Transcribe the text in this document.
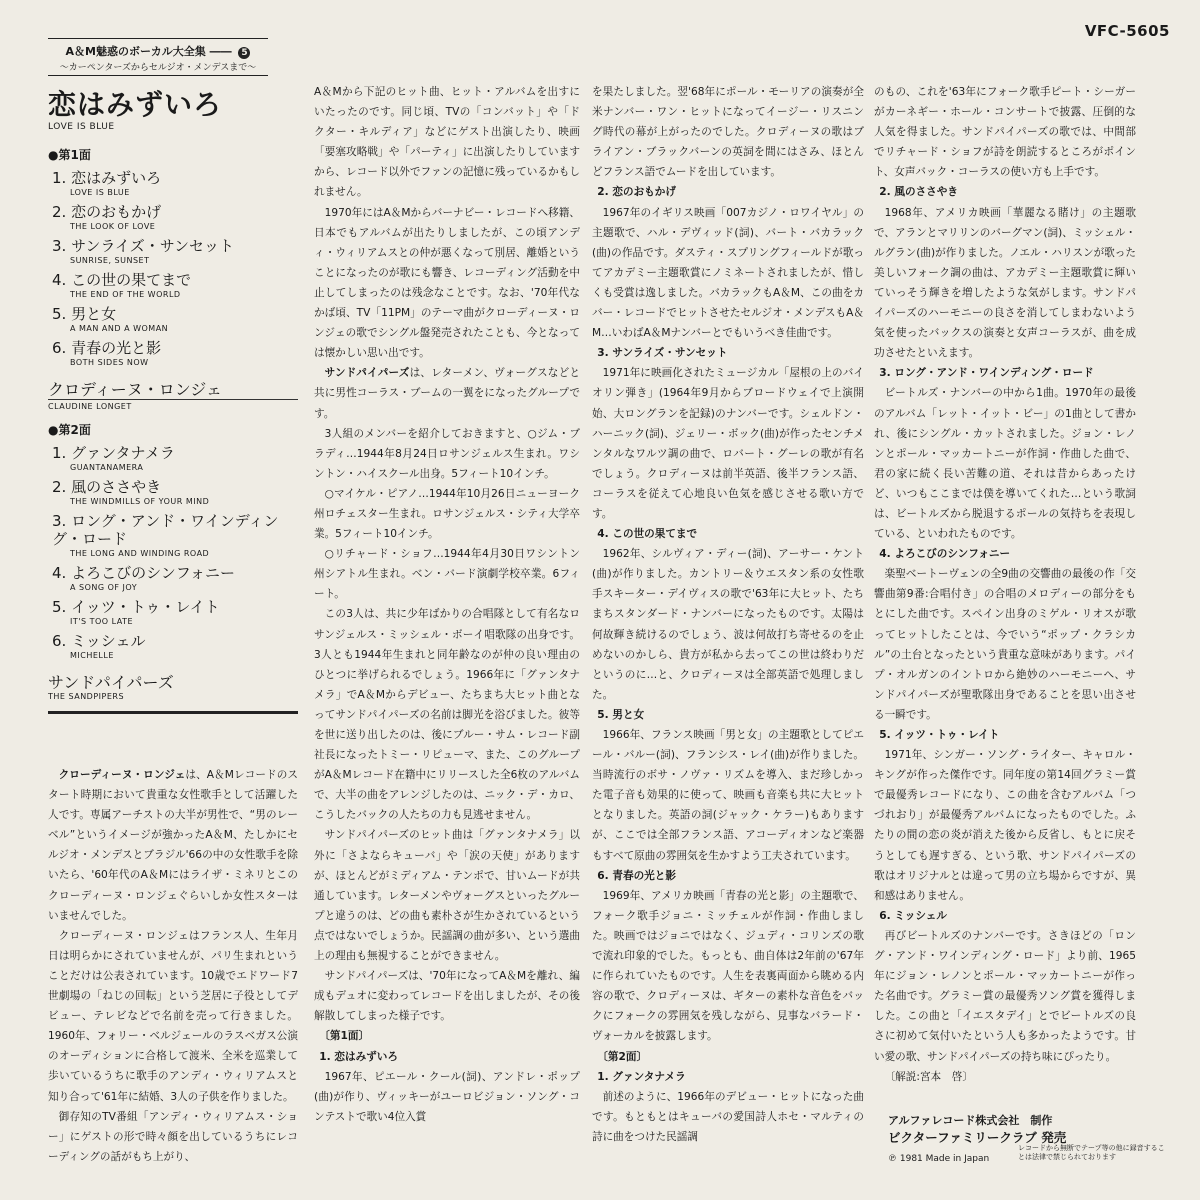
VFC-5605
A＆M魅惑のボーカル大全集 ―― 5
〜カーペンターズからセルジオ・メンデスまで〜
恋はみずいろ
LOVE IS BLUE
●第1面
1. 恋はみずいろ
LOVE IS BLUE
2. 恋のおもかげ
THE LOOK OF LOVE
3. サンライズ・サンセット
SUNRISE, SUNSET
4. この世の果てまで
THE END OF THE WORLD
5. 男と女
A MAN AND A WOMAN
6. 青春の光と影
BOTH SIDES NOW
クロディーヌ・ロンジェ
CLAUDINE LONGET
●第2面
1. グァンタナメラ
GUANTANAMERA
2. 風のささやき
THE WINDMILLS OF YOUR MIND
3. ロング・アンド・ワインディング・ロード
THE LONG AND WINDING ROAD
4. よろこびのシンフォニー
A SONG OF JOY
5. イッツ・トゥ・レイト
IT'S TOO LATE
6. ミッシェル
MICHELLE
サンドパイパーズ
THE SANDPIPERS

クローディーヌ・ロンジェは、A＆Mレコードのスタート時期において貴重な女性歌手として活躍した人です。専属アーチストの大半が男性で、“男のレーベル”というイメージが強かったA＆M、たしかにセルジオ・メンデスとブラジル'66の中の女性歌手を除いたら、'60年代のA＆Mにはライザ・ミネリとこのクローディーヌ・ロンジェぐらいしか女性スターはいませんでした。

クローディーヌ・ロンジェはフランス人、生年月日は明らかにされていませんが、パリ生まれということだけは公表されています。10歳でエドワード7世劇場の「ねじの回転」という芝居に子役としてデビュー、テレビなどで名前を売って行きました。1960年、フォリー・ベルジェールのラスベガス公演のオーディションに合格して渡米、全米を巡業して歩いているうちに歌手のアンディ・ウィリアムスと知り合って'61年に結婚、3人の子供を作りました。

御存知のTV番組「アンディ・ウィリアムス・ショー」にゲストの形で時々顔を出しているうちにレコーディングの話がもち上がり、

A＆Mから下記のヒット曲、ヒット・アルバムを出すにいたったのです。同じ頃、TVの「コンバット」や「ドクター・キルディア」などにゲスト出演したり、映画「要塞攻略戦」や「パーティ」に出演したりしていますから、レコード以外でファンの記憶に残っているかもしれません。

1970年にはA＆Mからバーナビー・レコードへ移籍、日本でもアルバムが出たりしましたが、この頃アンディ・ウィリアムスとの仲が悪くなって別居、離婚ということになったのが歌にも響き、レコーディング活動を中止してしまったのは残念なことです。なお、'70年代なかば頃、TV「11PM」のテーマ曲がクローディーヌ・ロンジェの歌でシングル盤発売されたことも、今となっては懐かしい思い出です。

サンドパイパーズは、レターメン、ヴォーグスなどと共に男性コーラス・ブームの一翼をになったグループです。

3人組のメンバーを紹介しておきますと、○ジム・ブラディ…1944年8月24日ロサンジェルス生まれ。ワシントン・ハイスクール出身。5フィート10インチ。

○マイケル・ピアノ…1944年10月26日ニューヨーク州ロチェスター生まれ。ロサンジェルス・シティ大学卒業。5フィート10インチ。

○リチャード・ショフ…1944年4月30日ワシントン州シアトル生まれ。ベン・バード演劇学校卒業。6フィート。

この3人は、共に少年ばかりの合唱隊として有名なロサンジェルス・ミッシェル・ボーイ唱歌隊の出身です。3人とも1944年生まれと同年齢なのが仲の良い理由のひとつに挙げられるでしょう。1966年に「グァンタナメラ」でA＆Mからデビュー、たちまち大ヒット曲となってサンドパイパーズの名前は脚光を浴びました。彼等を世に送り出したのは、後にブルー・サム・レコード副社長になったトミー・リピューマ、また、このグループがA＆Mレコード在籍中にリリースした全6枚のアルバムで、大半の曲をアレンジしたのは、ニック・デ・カロ、こうしたバックの人たちの力も見逃せません。

サンドパイパーズのヒット曲は「グァンタナメラ」以外に「さよならキューバ」や「涙の天使」がありますが、ほとんどがミディアム・テンポで、甘いムードが共通しています。レターメンやヴォーグスといったグループと違うのは、どの曲も素朴さが生かされているという点ではないでしょうか。民謡調の曲が多い、という選曲上の理由も無視することができません。

サンドパイパーズは、'70年になってA＆Mを離れ、編成もデュオに変わってレコードを出しましたが、その後解散してしまった様子です。

〔第1面〕

1. 恋はみずいろ

1967年、ピエール・クール(詞)、アンドレ・ポップ(曲)が作り、ヴィッキーがユーロビジョン・ソング・コンテストで歌い4位入賞

を果たしました。翌'68年にポール・モーリアの演奏が全米ナンバー・ワン・ヒットになってイージー・リスニング時代の幕が上がったのでした。クロディーヌの歌はブライアン・ブラックバーンの英詞を間にはさみ、ほとんどフランス語でムードを出しています。

2. 恋のおもかげ

1967年のイギリス映画「007カジノ・ロワイヤル」の主題歌で、ハル・デヴィッド(詞)、バート・バカラック(曲)の作品です。ダスティ・スプリングフィールドが歌ってアカデミー主題歌賞にノミネートされましたが、惜しくも受賞は逸しました。バカラックもA＆M、この曲をカバー・レコードでヒットさせたセルジオ・メンデスもA＆M…いわばA＆Mナンバーとでもいうべき佳曲です。

3. サンライズ・サンセット

1971年に映画化されたミュージカル「屋根の上のバイオリン弾き」(1964年9月からブロードウェイで上演開始、大ロングランを記録)のナンバーです。シェルドン・ハーニック(詞)、ジェリー・ボック(曲)が作ったセンチメンタルなワルツ調の曲で、ロバート・グーレの歌が有名でしょう。クロディーヌは前半英語、後半フランス語、コーラスを従えて心地良い色気を感じさせる歌い方です。

4. この世の果てまで

1962年、シルヴィア・ディー(詞)、アーサー・ケント(曲)が作りました。カントリー＆ウエスタン系の女性歌手スキーター・デイヴィスの歌で'63年に大ヒット、たちまちスタンダード・ナンバーになったものです。太陽は何故輝き続けるのでしょう、波は何故打ち寄せるのを止めないのかしら、貴方が私から去ってこの世は終わりだというのに…と、クロディーヌは全部英語で処理しました。

5. 男と女

1966年、フランス映画「男と女」の主題歌としてピエール・バルー(詞)、フランシス・レイ(曲)が作りました。当時流行のボサ・ノヴァ・リズムを導入、まだ珍しかった電子音も効果的に使って、映画も音楽も共に大ヒットとなりました。英語の詞(ジャック・ケラー)もありますが、ここでは全部フランス語、アコーディオンなど楽器もすべて原曲の雰囲気を生かすよう工夫されています。

6. 青春の光と影

1969年、アメリカ映画「青春の光と影」の主題歌で、フォーク歌手ジョニ・ミッチェルが作詞・作曲しました。映画ではジョニではなく、ジュディ・コリンズの歌で流れ印象的でした。もっとも、曲自体は2年前の'67年に作られていたものです。人生を表裏両面から眺める内容の歌で、クロディーヌは、ギターの素朴な音色をバックにフォークの雰囲気を残しながら、見事なバラード・ヴォーカルを披露します。

〔第2面〕

1. グァンタナメラ

前述のように、1966年のデビュー・ヒットになった曲です。もともとはキューバの愛国詩人ホセ・マルティの詩に曲をつけた民謡調

のもの、これを'63年にフォーク歌手ピート・シーガーがカーネギー・ホール・コンサートで披露、圧倒的な人気を得ました。サンドパイパーズの歌では、中間部でリチャード・ショフが詩を朗読するところがポイント、女声バック・コーラスの使い方も上手です。

2. 風のささやき

1968年、アメリカ映画「華麗なる賭け」の主題歌で、アランとマリリンのバーグマン(詞)、ミッシェル・ルグラン(曲)が作りました。ノエル・ハリスンが歌った美しいフォーク調の曲は、アカデミー主題歌賞に輝いていっそう輝きを増したような気がします。サンドパイパーズのハーモニーの良さを消してしまわないよう気を使ったバックスの演奏と女声コーラスが、曲を成功させたといえます。

3. ロング・アンド・ワインディング・ロード

ビートルズ・ナンバーの中から1曲。1970年の最後のアルバム「レット・イット・ビー」の1曲として書かれ、後にシングル・カットされました。ジョン・レノンとポール・マッカートニーが作詞・作曲した曲で、君の家に続く長い苦難の道、それは昔からあったけど、いつもここまでは僕を導いてくれた…という歌詞は、ビートルズから脱退するポールの気持ちを表現している、といわれたものです。

4. よろこびのシンフォニー

楽聖ベートーヴェンの全9曲の交響曲の最後の作「交響曲第9番:合唱付き」の合唱のメロディーの部分をもとにした曲です。スペイン出身のミゲル・リオスが歌ってヒットしたことは、今でいう“ポップ・クラシカル”の土台となったという貴重な意味があります。パイプ・オルガンのイントロから絶妙のハーモニーへ、サンドパイパーズが聖歌隊出身であることを思い出させる一瞬です。

5. イッツ・トゥ・レイト

1971年、シンガー・ソング・ライター、キャロル・キングが作った傑作です。同年度の第14回グラミー賞で最優秀レコードになり、この曲を含むアルバム「つづれおり」が最優秀アルバムになったものでした。ふたりの間の恋の炎が消えた後から反省し、もとに戻そうとしても遅すぎる、という歌、サンドパイパーズの歌はオリジナルとは違って男の立ち場からですが、異和感はありません。

6. ミッシェル

再びビートルズのナンバーです。さきほどの「ロング・アンド・ワインディング・ロード」より前、1965年にジョン・レノンとポール・マッカートニーが作った名曲です。グラミー賞の最優秀ソング賞を獲得しました。この曲と「イエスタデイ」とでビートルズの良さに初めて気付いたという人も多かったようです。甘い愛の歌、サンドパイパーズの持ち味にぴったり。

〔解説:宮本　啓〕

アルファレコード株式会社　制作
ビクターファミリークラブ 発売
レコードから無断でテープ等の他に録音することは法律で禁じられております
℗ 1981 Made in Japan
